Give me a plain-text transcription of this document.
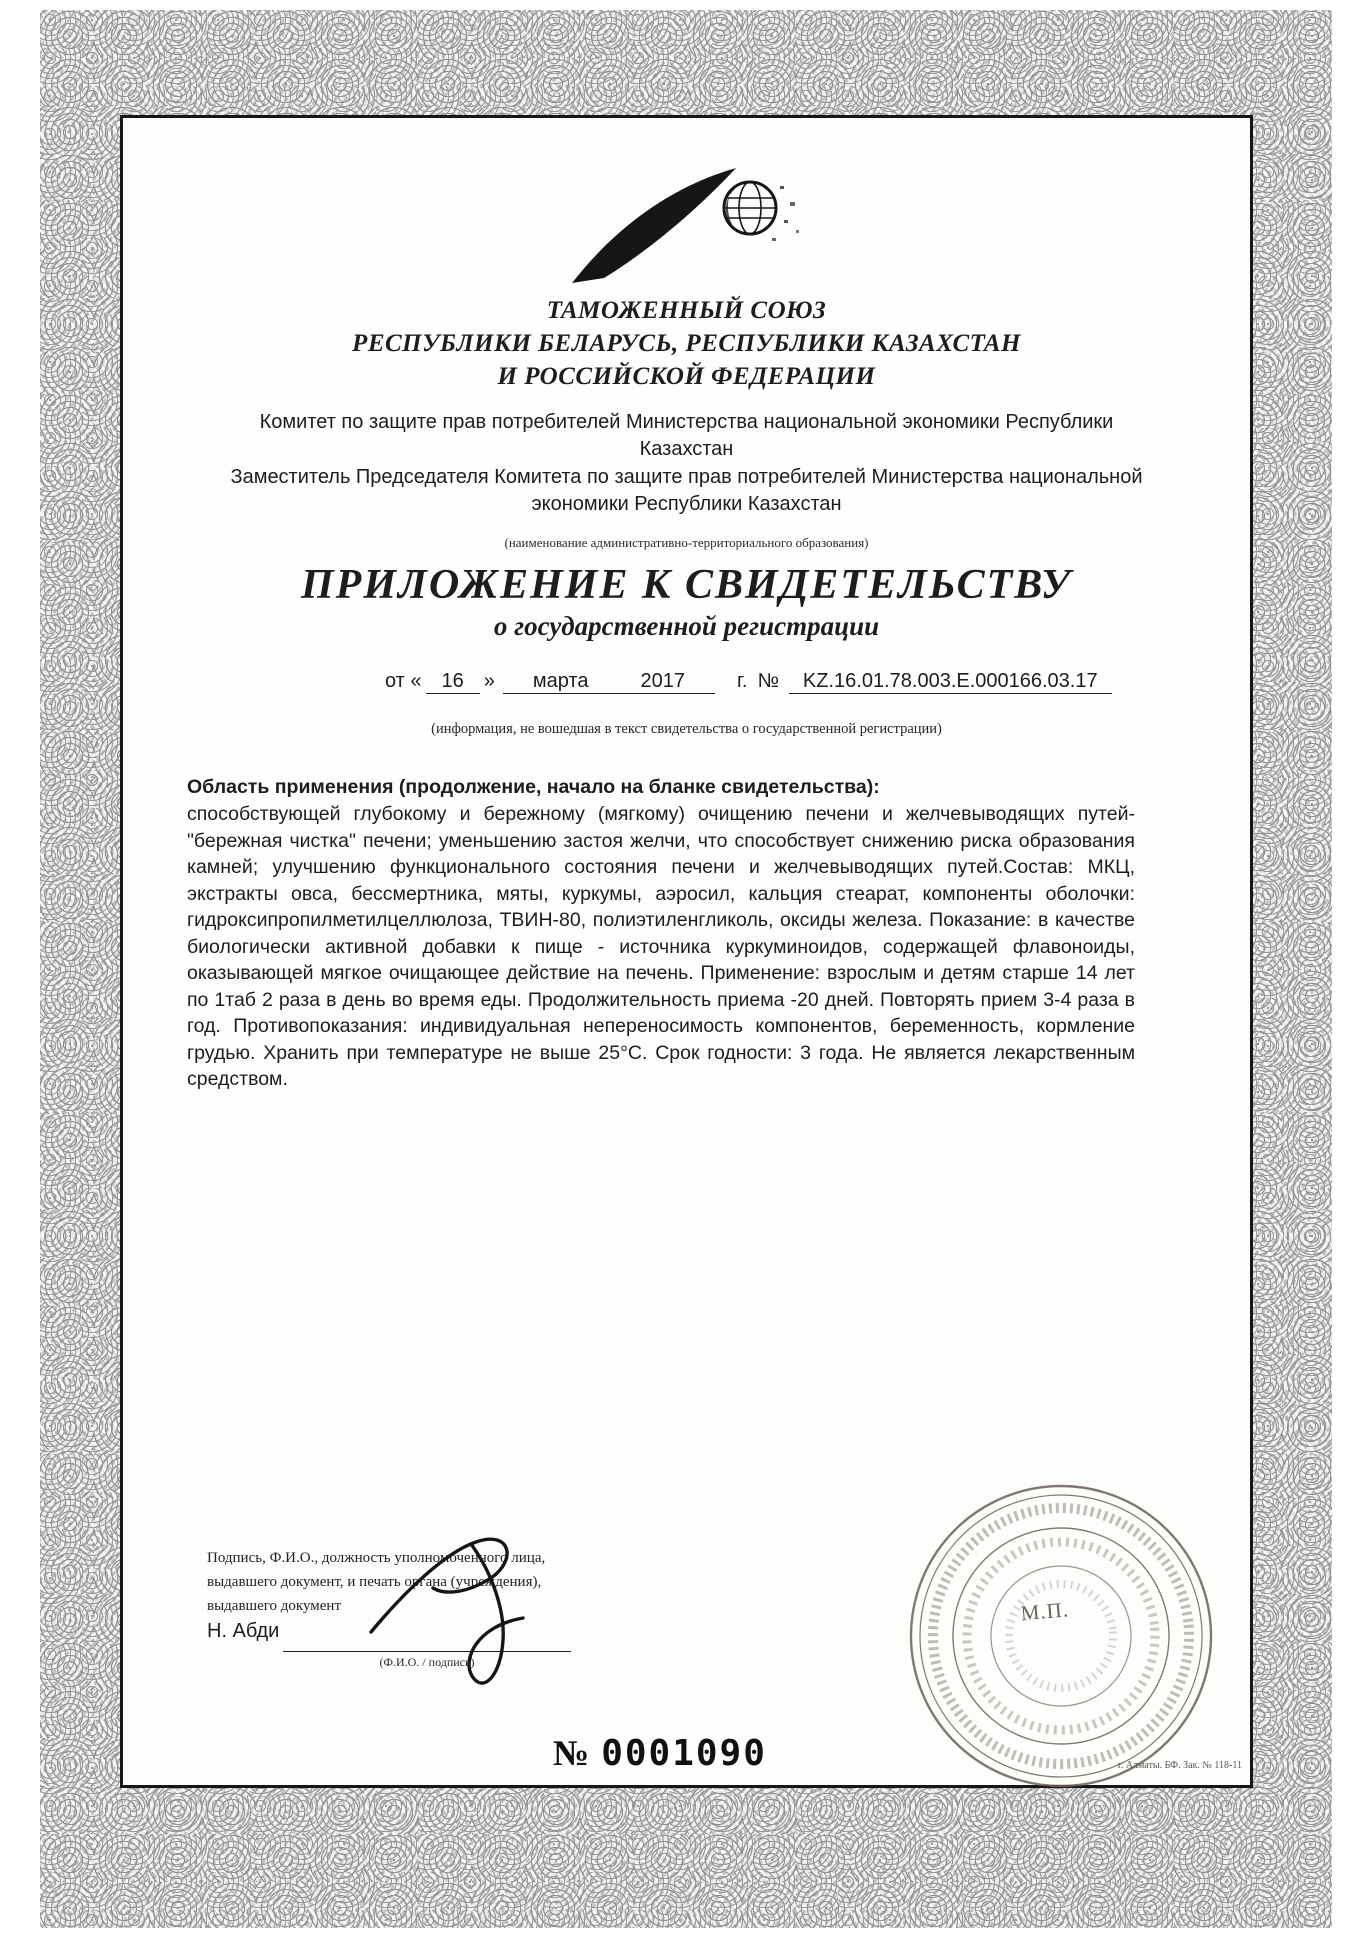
ТАМОЖЕННЫЙ СОЮЗ
РЕСПУБЛИКИ БЕЛАРУСЬ, РЕСПУБЛИКИ КАЗАХСТАН
И РОССИЙСКОЙ ФЕДЕРАЦИИ
Комитет по защите прав потребителей Министерства национальной экономики Республики
Казахстан
Заместитель Председателя Комитета по защите прав потребителей Министерства национальной
экономики Республики Казахстан
(наименование административно-территориального образования)
ПРИЛОЖЕНИЕ К СВИДЕТЕЛЬСТВУ
о государственной регистрации
от « 16 » марта	2017	г. № KZ.16.01.78.003.E.000166.03.17
(информация, не вошедшая в текст свидетельства о государственной регистрации)
Область применения (продолжение, начало на бланке свидетельства):
способствующей глубокому и бережному (мягкому) очищению печени и желчевыводящих путей- "бережная чистка" печени; уменьшению застоя желчи, что способствует снижению риска образования камней; улучшению функционального состояния печени и желчевыводящих путей.Состав: МКЦ, экстракты овса, бессмертника, мяты, куркумы, аэросил, кальция стеарат, компоненты оболочки: гидроксипропилметилцеллюлоза, ТВИН-80, полиэтиленгликоль, оксиды железа. Показание: в качестве биологически активной добавки к пище - источника куркуминоидов, содержащей флавоноиды, оказывающей мягкое очищающее действие на печень. Применение: взрослым и детям старше 14 лет по 1таб 2 раза в день во время еды. Продолжительность приема -20 дней. Повторять прием 3-4 раза в год. Противопоказания: индивидуальная непереносимость компонентов, беременность, кормление грудью. Хранить при температуре не выше 25°С. Срок годности: 3 года. Не является лекарственным средством.
Подпись, Ф.И.О., должность уполномоченного лица,
выдавшего документ, и печать органа (учреждения),
выдавшего документ
Н. Абди
(Ф.И.О. / подпись)
М.П.
№ 0001090	г. Алматы. БФ. Зак. № 118-11
